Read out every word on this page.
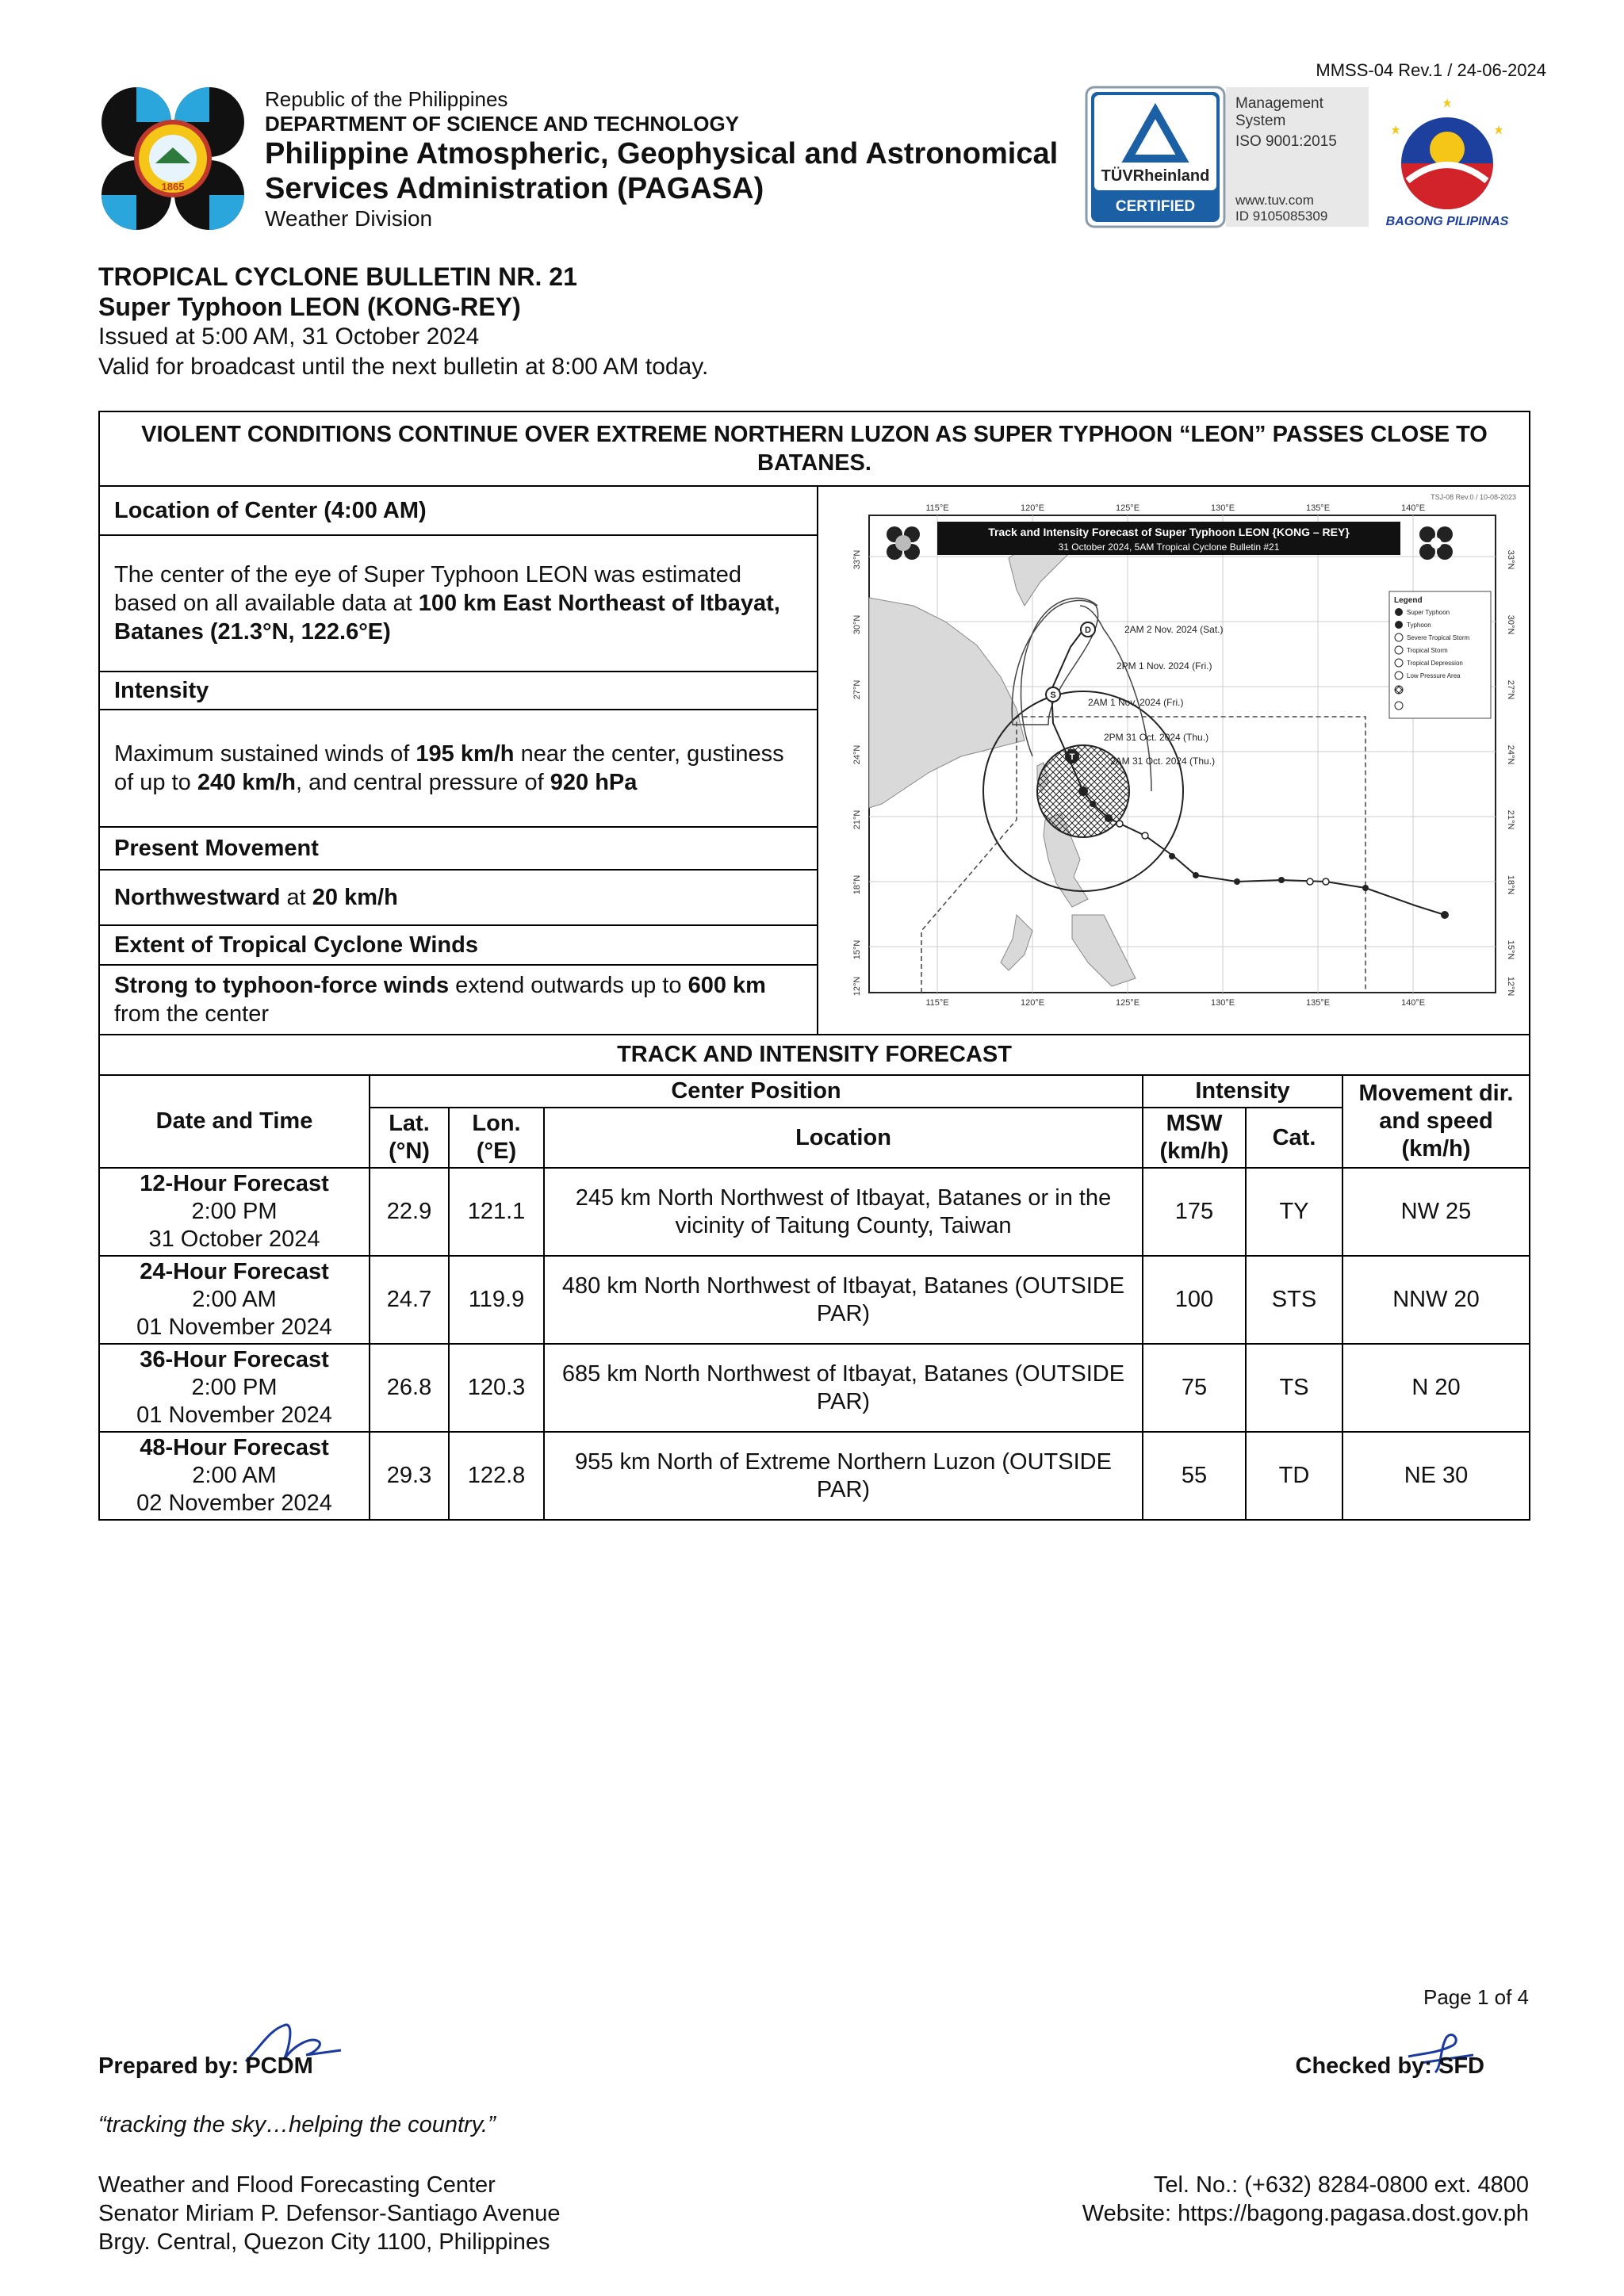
MMSS-04 Rev.1 / 24-06-2024
1865
Republic of the Philippines
DEPARTMENT OF SCIENCE AND TECHNOLOGY
Philippine Atmospheric, Geophysical and Astronomical
Services Administration (PAGASA)
Weather Division
TÜVRheinland
CERTIFIED
Management
System
ISO 9001:2015
www.tuv.com
ID 9105085309	BAGONG PILIPINAS
TROPICAL CYCLONE BULLETIN NR. 21
Super Typhoon LEON (KONG-REY)
Issued at 5:00 AM, 31 October 2024
Valid for broadcast until the next bulletin at 8:00 AM today.
VIOLENT CONDITIONS CONTINUE OVER EXTREME NORTHERN LUZON AS SUPER TYPHOON “LEON” PASSES CLOSE TO BATANES.
Location of Center (4:00 AM)
The center of the eye of Super Typhoon LEON was estimated based on all available data at 100 km East Northeast of Itbayat, Batanes (21.3°N, 122.6°E)
Intensity
Maximum sustained winds of 195 km/h near the center, gustiness of up to 240 km/h, and central pressure of 920 hPa
Present Movement
Northwestward at 20 km/h
Extent of Tropical Cyclone Winds
Strong to typhoon-force winds extend outwards up to 600 km from the center
TSJ-08 Rev.0 / 10-08-2023
115°E	120°E	125°E	130°E	135°E	140°E
115°E	120°E	125°E	130°E	135°E	140°E
33°N
30°N
27°N
24°N
21°N
18°N
15°N
12°N
33°N
30°N
27°N
24°N
21°N
18°N
15°N
12°N
Track and Intensity Forecast of Super Typhoon LEON {KONG – REY}
31 October 2024, 5AM Tropical Cyclone Bulletin #21
T
S
D	2AM 2 Nov. 2024 (Sat.)
2PM 1 Nov. 2024 (Fri.)
2AM 1 Nov. 2024 (Fri.)
2PM 31 Oct. 2024 (Thu.)
2AM 31 Oct. 2024 (Thu.)
Legend
Super Typhoon
Typhoon
Severe Tropical Storm
Tropical Storm
Tropical Depression
Low Pressure Area
TRACK AND INTENSITY FORECAST
Date and Time	Center Position			Intensity		Movement dir. and speed (km/h)
	Lat. (°N)	Lon. (°E)	Location	MSW (km/h)	Cat.	

12-Hour Forecast
2:00 PM
31 October 2024	22.9	121.1	245 km North Northwest of Itbayat, Batanes or in the vicinity of Taitung County, Taiwan	175	TY	NW 25

24-Hour Forecast
2:00 AM
01 November 2024	24.7	119.9	480 km North Northwest of Itbayat, Batanes (OUTSIDE PAR)	100	STS	NNW 20

36-Hour Forecast
2:00 PM
01 November 2024	26.8	120.3	685 km North Northwest of Itbayat, Batanes (OUTSIDE PAR)	75	TS	N 20

48-Hour Forecast
2:00 AM
02 November 2024	29.3	122.8	955 km North of Extreme Northern Luzon (OUTSIDE PAR)	55	TD	NE 30
Page 1 of 4
Prepared by: PCDM	Checked by: SFD
“tracking the sky…helping the country.”
Weather and Flood Forecasting Center
Senator Miriam P. Defensor-Santiago Avenue
Brgy. Central, Quezon City 1100, Philippines
Tel. No.: (+632) 8284-0800 ext. 4800
Website: https://bagong.pagasa.dost.gov.ph
